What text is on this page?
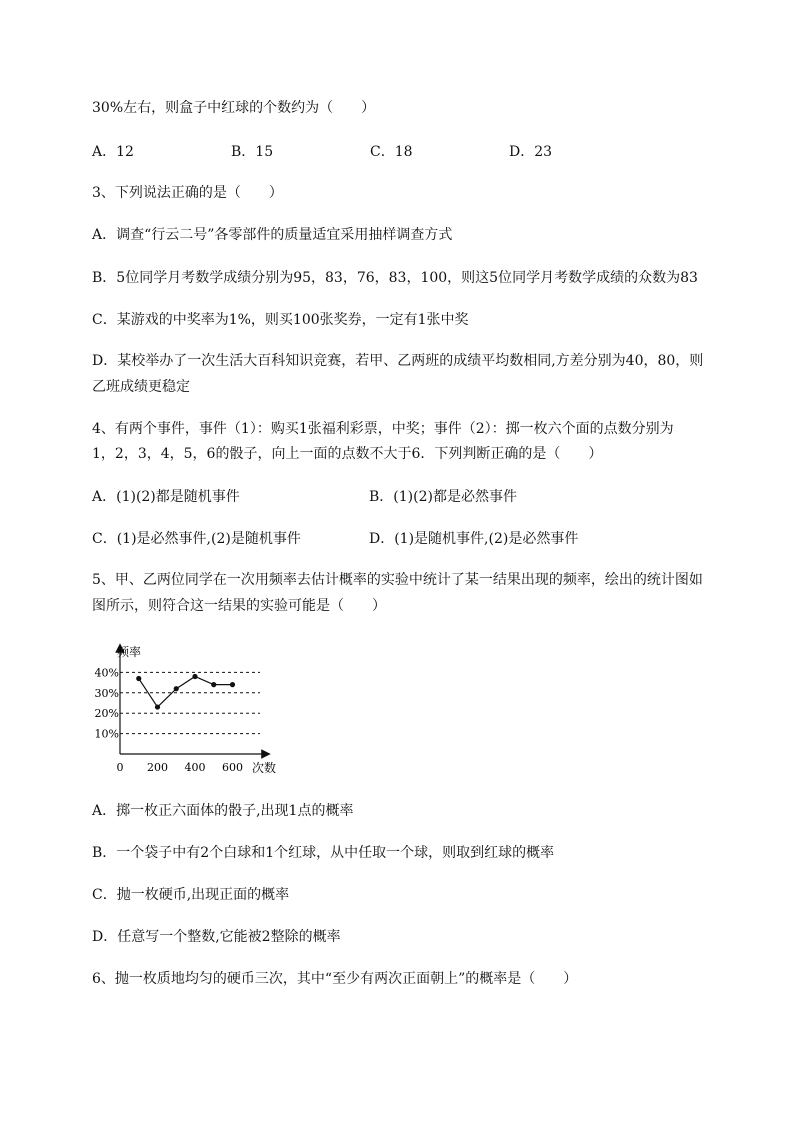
30%左右，则盒子中红球的个数约为（　　）
A．12	B．15	C．18	D．23
3、下列说法正确的是（　　）
A．调查“行云二号”各零部件的质量适宜采用抽样调查方式
B．5位同学月考数学成绩分别为95，83，76，83，100，则这5位同学月考数学成绩的众数为83
C．某游戏的中奖率为1%，则买100张奖券，一定有1张中奖
D．某校举办了一次生活大百科知识竞赛，若甲、乙两班的成绩平均数相同,方差分别为40，80，则
乙班成绩更稳定
4、有两个事件，事件（1）：购买1张福利彩票，中奖；事件（2）：掷一枚六个面的点数分别为
1，2，3，4，5，6的骰子，向上一面的点数不大于6．下列判断正确的是（　　）
A．(1)(2)都是随机事件	B．(1)(2)都是必然事件
C．(1)是必然事件,(2)是随机事件	D．(1)是随机事件,(2)是必然事件
5、甲、乙两位同学在一次用频率去估计概率的实验中统计了某一结果出现的频率，绘出的统计图如
图所示，则符合这一结果的实验可能是（　　）
频率
次数
10%
20%
30%
40%
0 200 400 600
A．掷一枚正六面体的骰子,出现1点的概率
B．一个袋子中有2个白球和1个红球，从中任取一个球，则取到红球的概率
C．抛一枚硬币,出现正面的概率
D．任意写一个整数,它能被2整除的概率
6、抛一枚质地均匀的硬币三次，其中“至少有两次正面朝上”的概率是（　　）
